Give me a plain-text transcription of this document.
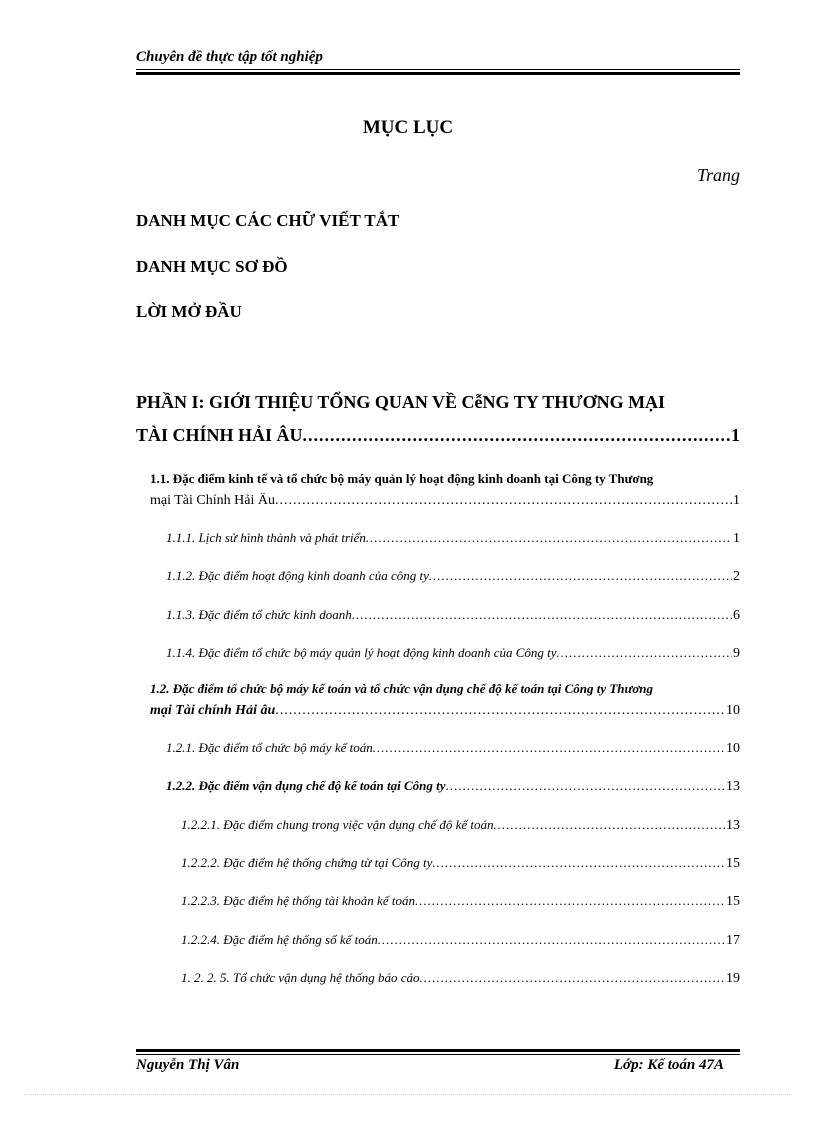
Chuyên đề thực tập tốt nghiệp
MỤC LỤC
Trang
DANH MỤC CÁC CHỮ VIẾT TẮT
DANH MỤC SƠ ĐỒ
LỜI MỞ ĐẦU
PHẦN I: GIỚI THIỆU TỔNG QUAN VỀ CễNG TY THƯƠNG MẠI
TÀI CHÍNH HẢI ÂU .....	1
1.1. Đặc điểm kinh tế và tổ chức bộ máy quản lý hoạt động kinh doanh tại Công ty Thương
mại Tài Chính Hải Âu .....	1
1.1.1. Lịch sử hình thành và phát triển .....	1
1.1.2. Đặc điểm hoạt động kinh doanh của công ty .....	2
1.1.3. Đặc điểm tổ chức kinh doanh .....	6
1.1.4. Đặc điểm tổ chức bộ máy quản lý hoạt động kinh doanh của Công ty .....	9
1.2. Đặc điểm tổ chức bộ máy kế toán và tổ chức vận dụng chế độ kế toán tại Công ty Thương
mại Tài chính Hải âu .....	10
1.2.1. Đặc điểm tổ chức bộ máy kế toán .....	10
1.2.2. Đặc điểm vận dụng chế độ kế toán tại Công ty .....	13
1.2.2.1. Đặc điểm chung trong việc vận dụng chế độ kế toán .....	13
1.2.2.2. Đặc điểm hệ thống chứng từ tại Công ty .....	15
1.2.2.3. Đặc điểm hệ thống tài khoản kế toán .....	15
1.2.2.4. Đặc điểm hệ thống sổ kế toán .....	17
1. 2. 2. 5. Tổ chức vận dụng hệ thống báo cáo .....	19
Nguyễn Thị Vân	Lớp: Kế toán 47A
